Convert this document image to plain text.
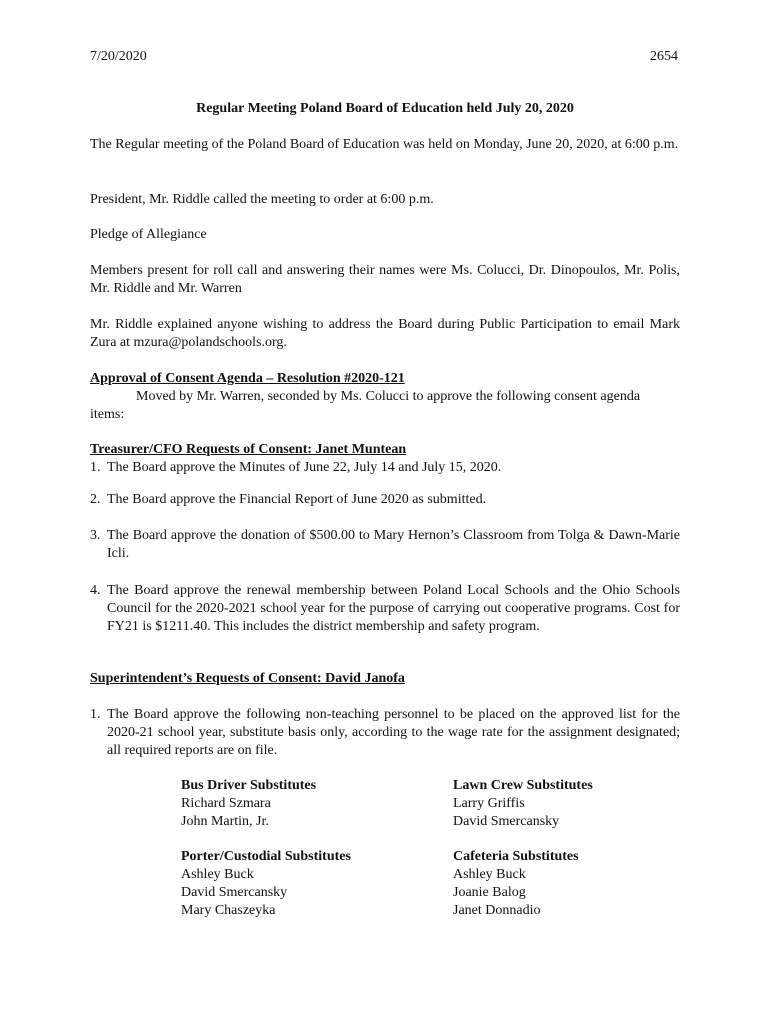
7/20/2020	2654
Regular Meeting Poland Board of Education held July 20, 2020
The Regular meeting of the Poland Board of Education was held on Monday, June 20, 2020, at 6:00 p.m.
President, Mr. Riddle called the meeting to order at 6:00 p.m.
Pledge of Allegiance
Members present for roll call and answering their names were Ms. Colucci, Dr. Dinopoulos, Mr. Polis, Mr. Riddle and Mr. Warren
Mr. Riddle explained anyone wishing to address the Board during Public Participation to email Mark Zura at mzura@polandschools.org.
Approval of Consent Agenda – Resolution #2020-121
Moved by Mr. Warren, seconded by Ms. Colucci to approve the following consent agenda
items:
Treasurer/CFO Requests of Consent: Janet Muntean
1. The Board approve the Minutes of June 22, July 14 and July 15, 2020.
2. The Board approve the Financial Report of June 2020 as submitted.
3. The Board approve the donation of $500.00 to Mary Hernon’s Classroom from Tolga & Dawn-Marie Icli.
4. The Board approve the renewal membership between Poland Local Schools and the Ohio Schools Council for the 2020-2021 school year for the purpose of carrying out cooperative programs. Cost for FY21 is $1211.40. This includes the district membership and safety program.
Superintendent’s Requests of Consent: David Janofa
1. The Board approve the following non-teaching personnel to be placed on the approved list for the 2020-21 school year, substitute basis only, according to the wage rate for the assignment designated; all required reports are on file.
Bus Driver Substitutes
Richard Szmara
John Martin, Jr.
Lawn Crew Substitutes
Larry Griffis
David Smercansky
Porter/Custodial Substitutes
Ashley Buck
David Smercansky
Mary Chaszeyka
Cafeteria Substitutes
Ashley Buck
Joanie Balog
Janet Donnadio
